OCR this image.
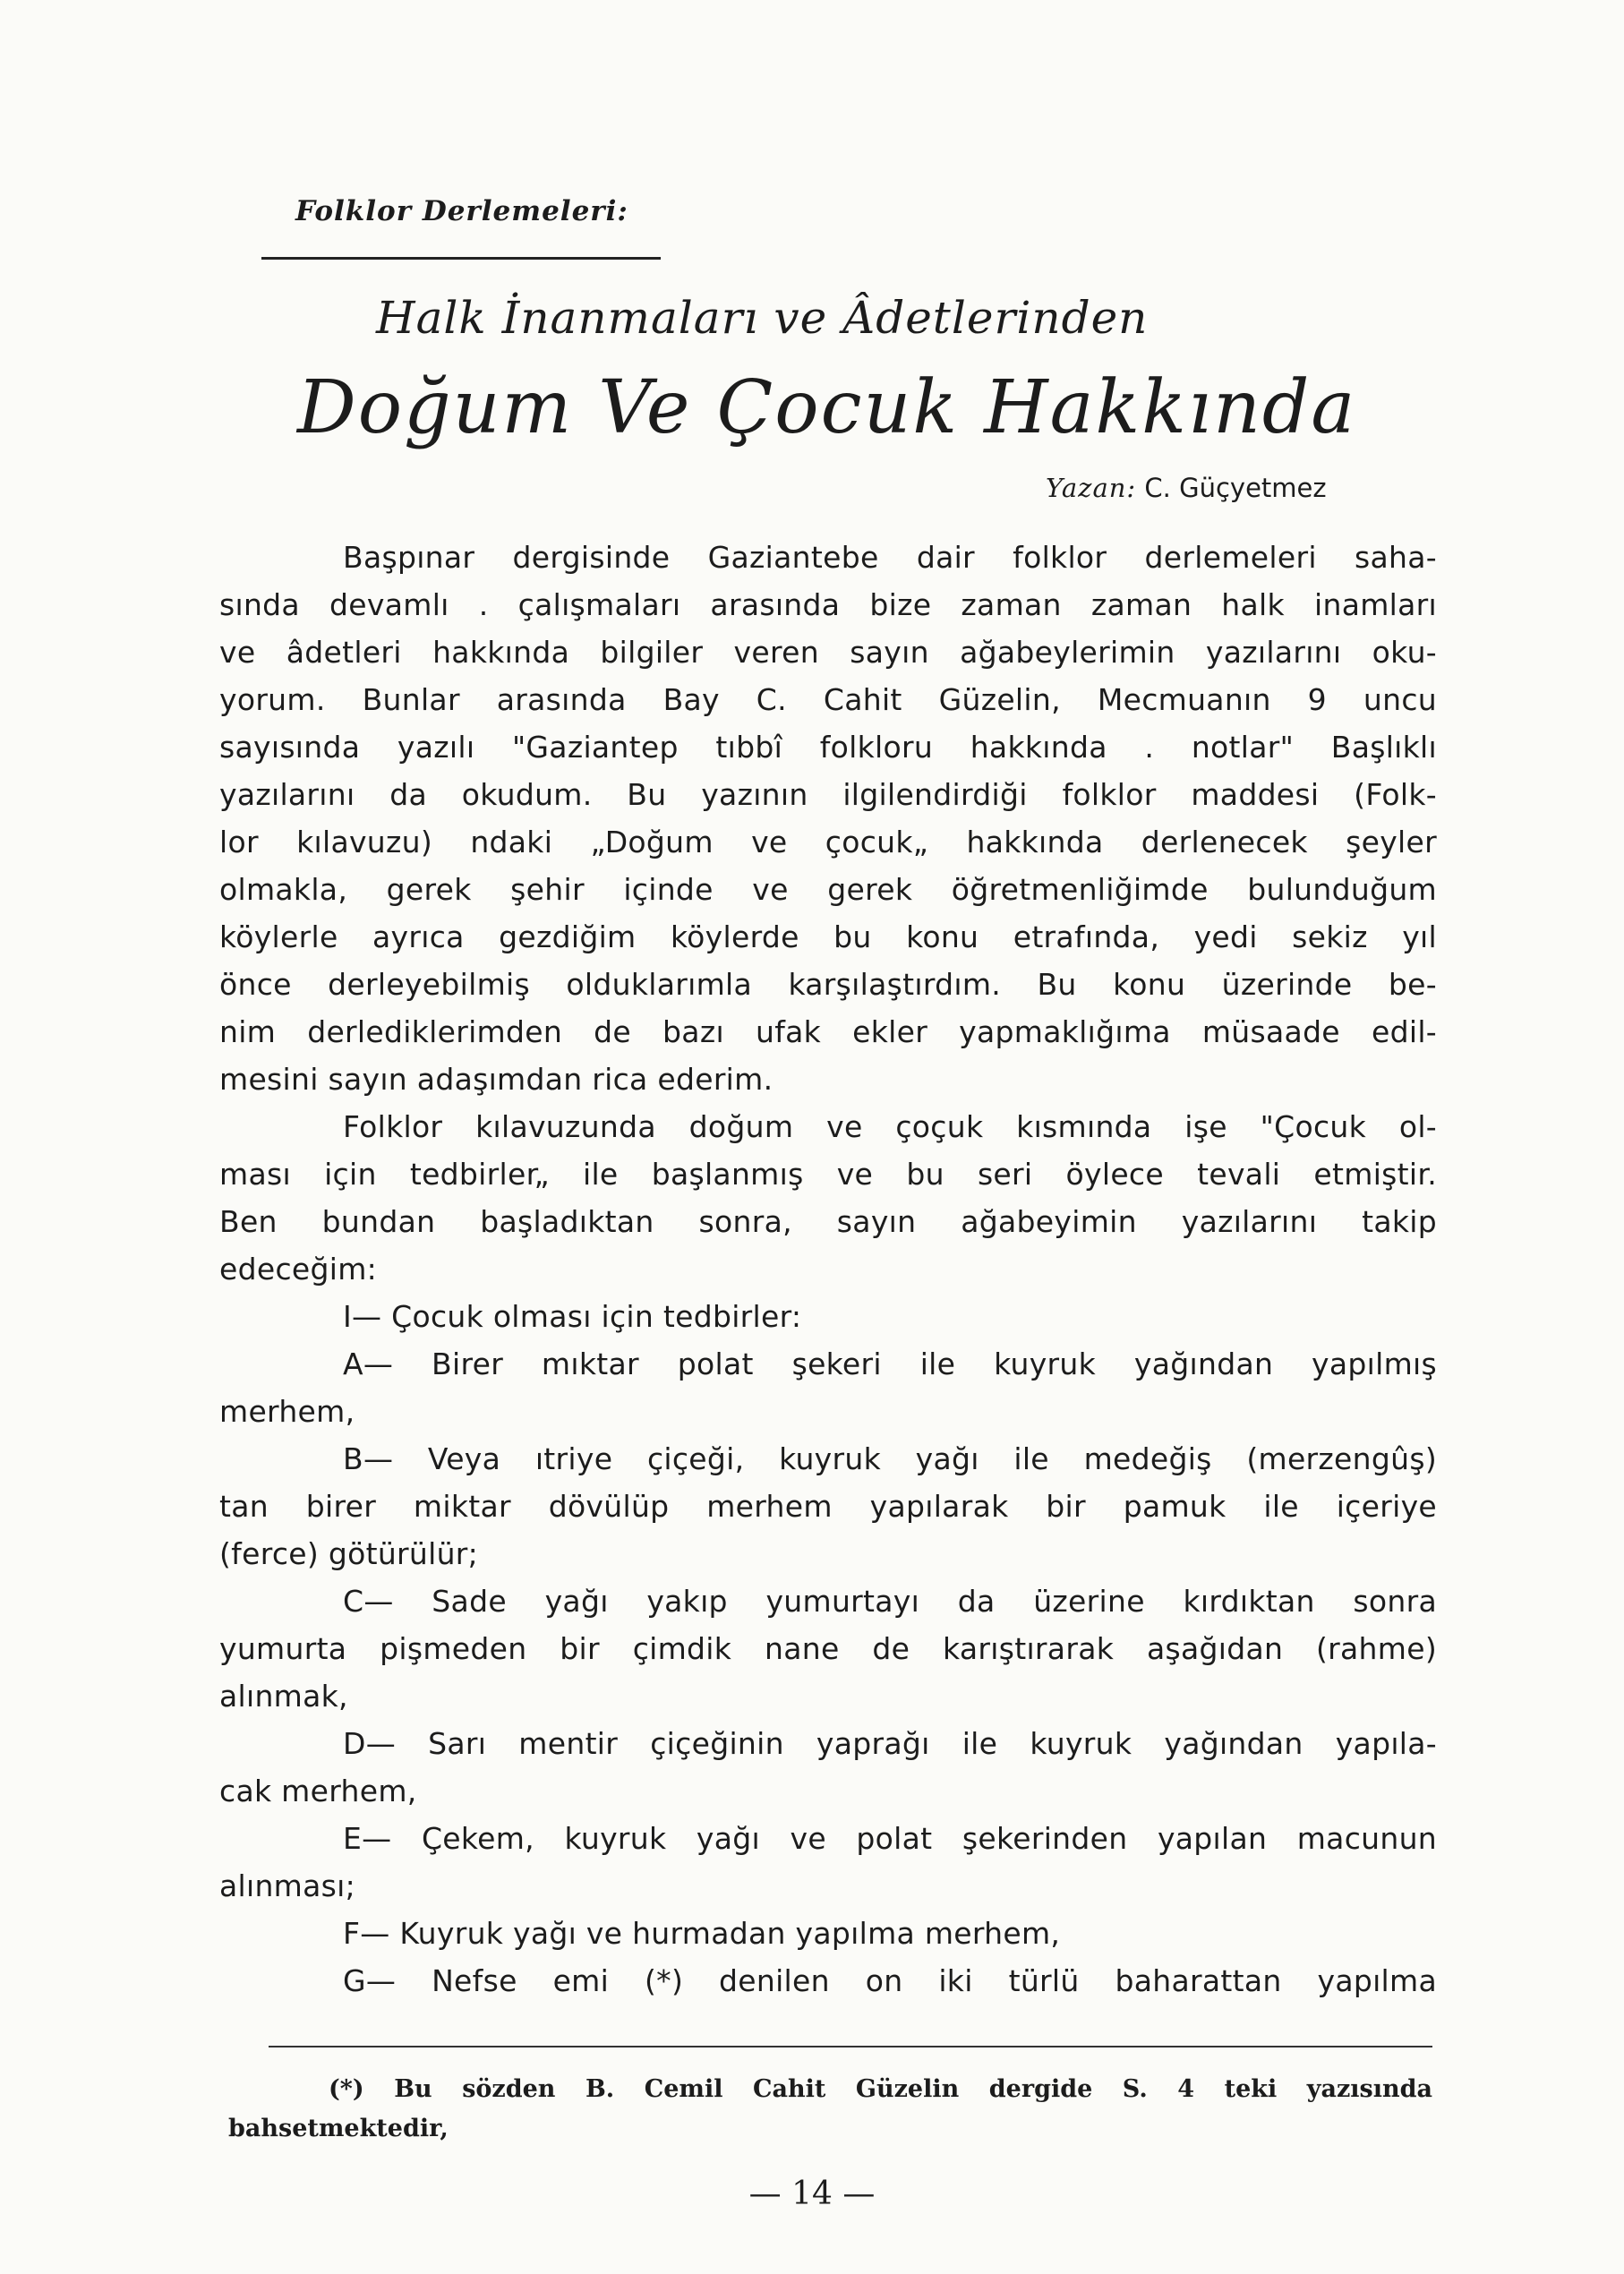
Folklor Derlemeleri:
Halk İnanmaları ve Âdetlerinden
Doğum Ve Çocuk Hakkında
Yazan: C. Güçyetmez
Başpınar dergisinde Gaziantebe dair folklor derlemeleri saha-
sında devamlı . çalışmaları arasında bize zaman zaman halk inamları
ve âdetleri hakkında bilgiler veren sayın ağabeylerimin yazılarını oku-
yorum. Bunlar arasında Bay C. Cahit Güzelin, Mecmuanın 9 uncu
sayısında yazılı "Gaziantep tıbbî folkloru hakkında . notlar" Başlıklı
yazılarını da okudum. Bu yazının ilgilendirdiği folklor maddesi (Folk-
lor kılavuzu) ndaki „Doğum ve çocuk„ hakkında derlenecek şeyler
olmakla, gerek şehir içinde ve gerek öğretmenliğimde bulunduğum
köylerle ayrıca gezdiğim köylerde bu konu etrafında, yedi sekiz yıl
önce derleyebilmiş olduklarımla karşılaştırdım. Bu konu üzerinde be-
nim derlediklerimden de bazı ufak ekler yapmaklığıma müsaade edil-
mesini sayın adaşımdan rica ederim.
Folklor kılavuzunda doğum ve çoçuk kısmında işe "Çocuk ol-
ması için tedbirler„ ile başlanmış ve bu seri öylece tevali etmiştir.
Ben bundan başladıktan sonra, sayın ağabeyimin yazılarını takip
edeceğim:
I— Çocuk olması için tedbirler:
A— Birer mıktar polat şekeri ile kuyruk yağından yapılmış
merhem,
B— Veya ıtriye çiçeği, kuyruk yağı ile medeğiş (merzengûş)
tan birer miktar dövülüp merhem yapılarak bir pamuk ile içeriye
(ferce) götürülür;
C— Sade yağı yakıp yumurtayı da üzerine kırdıktan sonra
yumurta pişmeden bir çimdik nane de karıştırarak aşağıdan (rahme)
alınmak,
D— Sarı mentir çiçeğinin yaprağı ile kuyruk yağından yapıla-
cak merhem,
E— Çekem, kuyruk yağı ve polat şekerinden yapılan macunun
alınması;
F— Kuyruk yağı ve hurmadan yapılma merhem,
G— Nefse emi (*) denilen on iki türlü baharattan yapılma
(*) Bu sözden B. Cemil Cahit Güzelin dergide S. 4 teki yazısında
bahsetmektedir,
— 14 —
